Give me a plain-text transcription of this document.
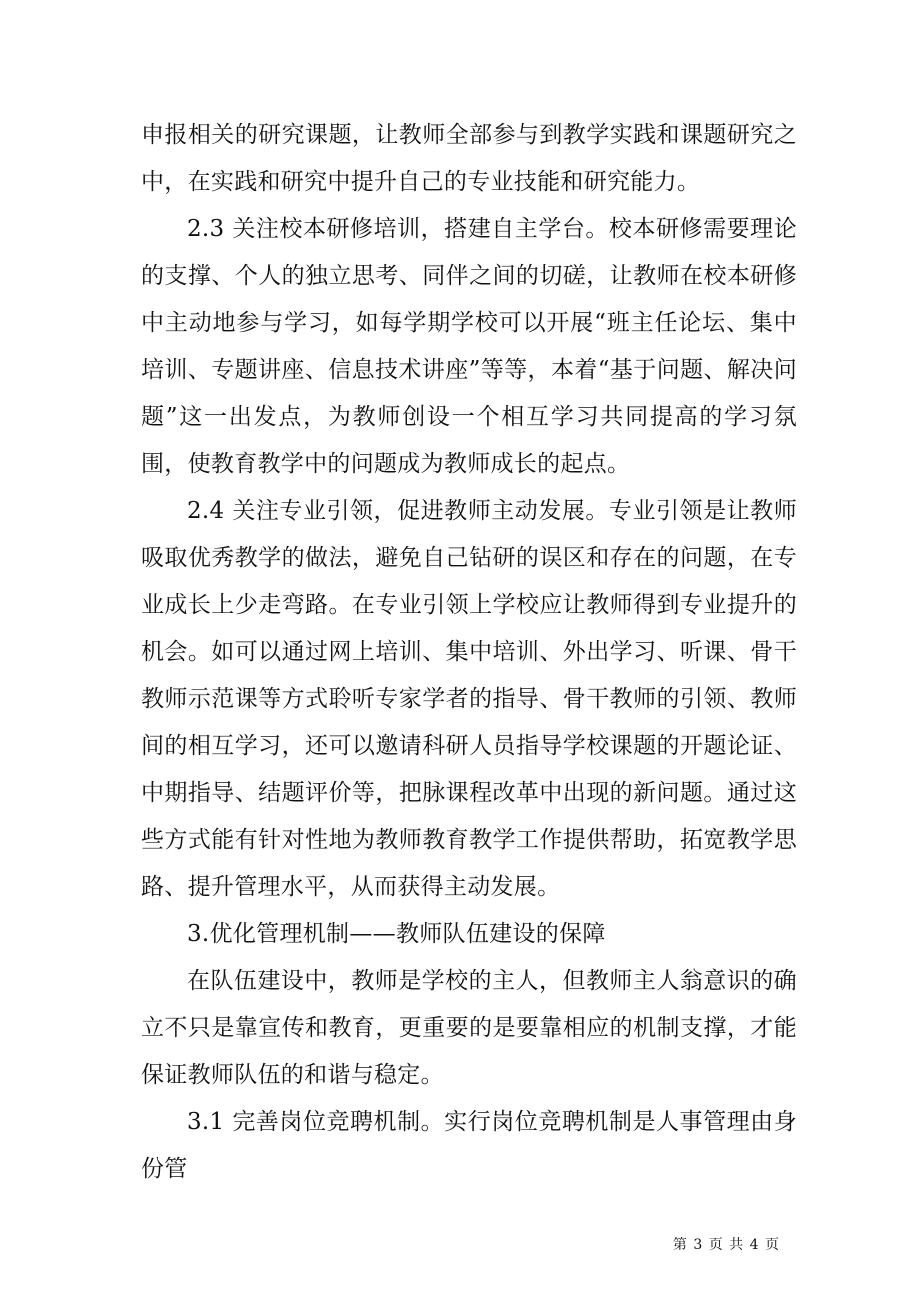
申报相关的研究课题，让教师全部参与到教学实践和课题研究之中，在实践和研究中提升自己的专业技能和研究能力。

2.3 关注校本研修培训，搭建自主学台。校本研修需要理论的支撑、个人的独立思考、同伴之间的切磋，让教师在校本研修中主动地参与学习，如每学期学校可以开展“班主任论坛、集中培训、专题讲座、信息技术讲座”等等，本着“基于问题、解决问题”这一出发点，为教师创设一个相互学习共同提高的学习氛围，使教育教学中的问题成为教师成长的起点。

2.4 关注专业引领，促进教师主动发展。专业引领是让教师吸取优秀教学的做法，避免自己钻研的误区和存在的问题，在专业成长上少走弯路。在专业引领上学校应让教师得到专业提升的机会。如可以通过网上培训、集中培训、外出学习、听课、骨干教师示范课等方式聆听专家学者的指导、骨干教师的引领、教师间的相互学习，还可以邀请科研人员指导学校课题的开题论证、中期指导、结题评价等，把脉课程改革中出现的新问题。通过这些方式能有针对性地为教师教育教学工作提供帮助，拓宽教学思路、提升管理水平，从而获得主动发展。

3.优化管理机制——教师队伍建设的保障

在队伍建设中，教师是学校的主人，但教师主人翁意识的确立不只是靠宣传和教育，更重要的是要靠相应的机制支撑，才能保证教师队伍的和谐与稳定。

3.1 完善岗位竞聘机制。实行岗位竞聘机制是人事管理由身份管

第 3 页 共 4 页
